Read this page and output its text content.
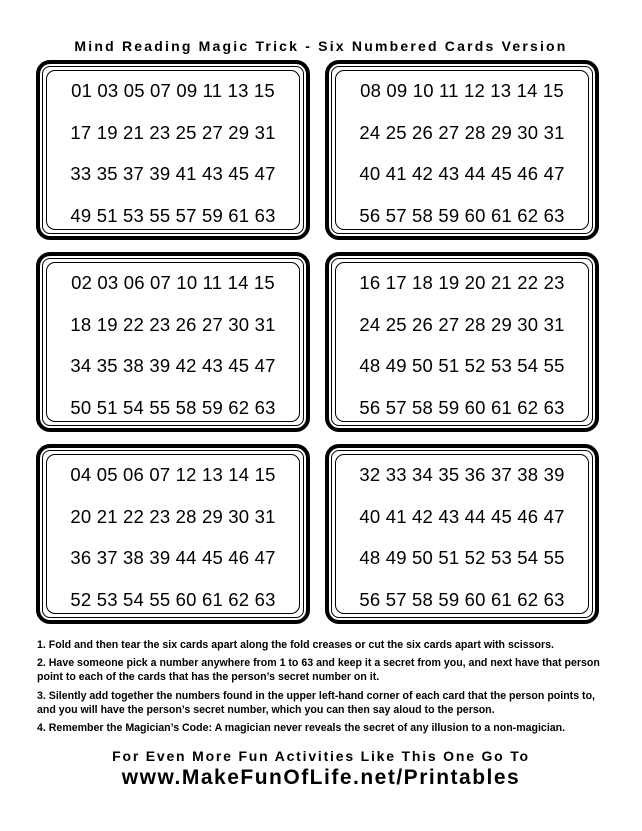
Mind Reading Magic Trick - Six Numbered Cards Version
01 03 05 07 09 11 13 15
17 19 21 23 25 27 29 31
33 35 37 39 41 43 45 47
49 51 53 55 57 59 61 63
08 09 10 11 12 13 14 15
24 25 26 27 28 29 30 31
40 41 42 43 44 45 46 47
56 57 58 59 60 61 62 63
02 03 06 07 10 11 14 15
18 19 22 23 26 27 30 31
34 35 38 39 42 43 45 47
50 51 54 55 58 59 62 63
16 17 18 19 20 21 22 23
24 25 26 27 28 29 30 31
48 49 50 51 52 53 54 55
56 57 58 59 60 61 62 63
04 05 06 07 12 13 14 15
20 21 22 23 28 29 30 31
36 37 38 39 44 45 46 47
52 53 54 55 60 61 62 63
32 33 34 35 36 37 38 39
40 41 42 43 44 45 46 47
48 49 50 51 52 53 54 55
56 57 58 59 60 61 62 63

1. Fold and then tear the six cards apart along the fold creases or cut the six cards apart with scissors.

2. Have someone pick a number anywhere from 1 to 63 and keep it a secret from you, and next have that person point to each of the cards that has the person’s secret number on it.

3. Silently add together the numbers found in the upper left-hand corner of each card that the person points to, and you will have the person’s secret number, which you can then say aloud to the person.

4. Remember the Magician’s Code: A magician never reveals the secret of any illusion to a non-magician.

For Even More Fun Activities Like This One Go To
www.MakeFunOfLife.net/Printables
